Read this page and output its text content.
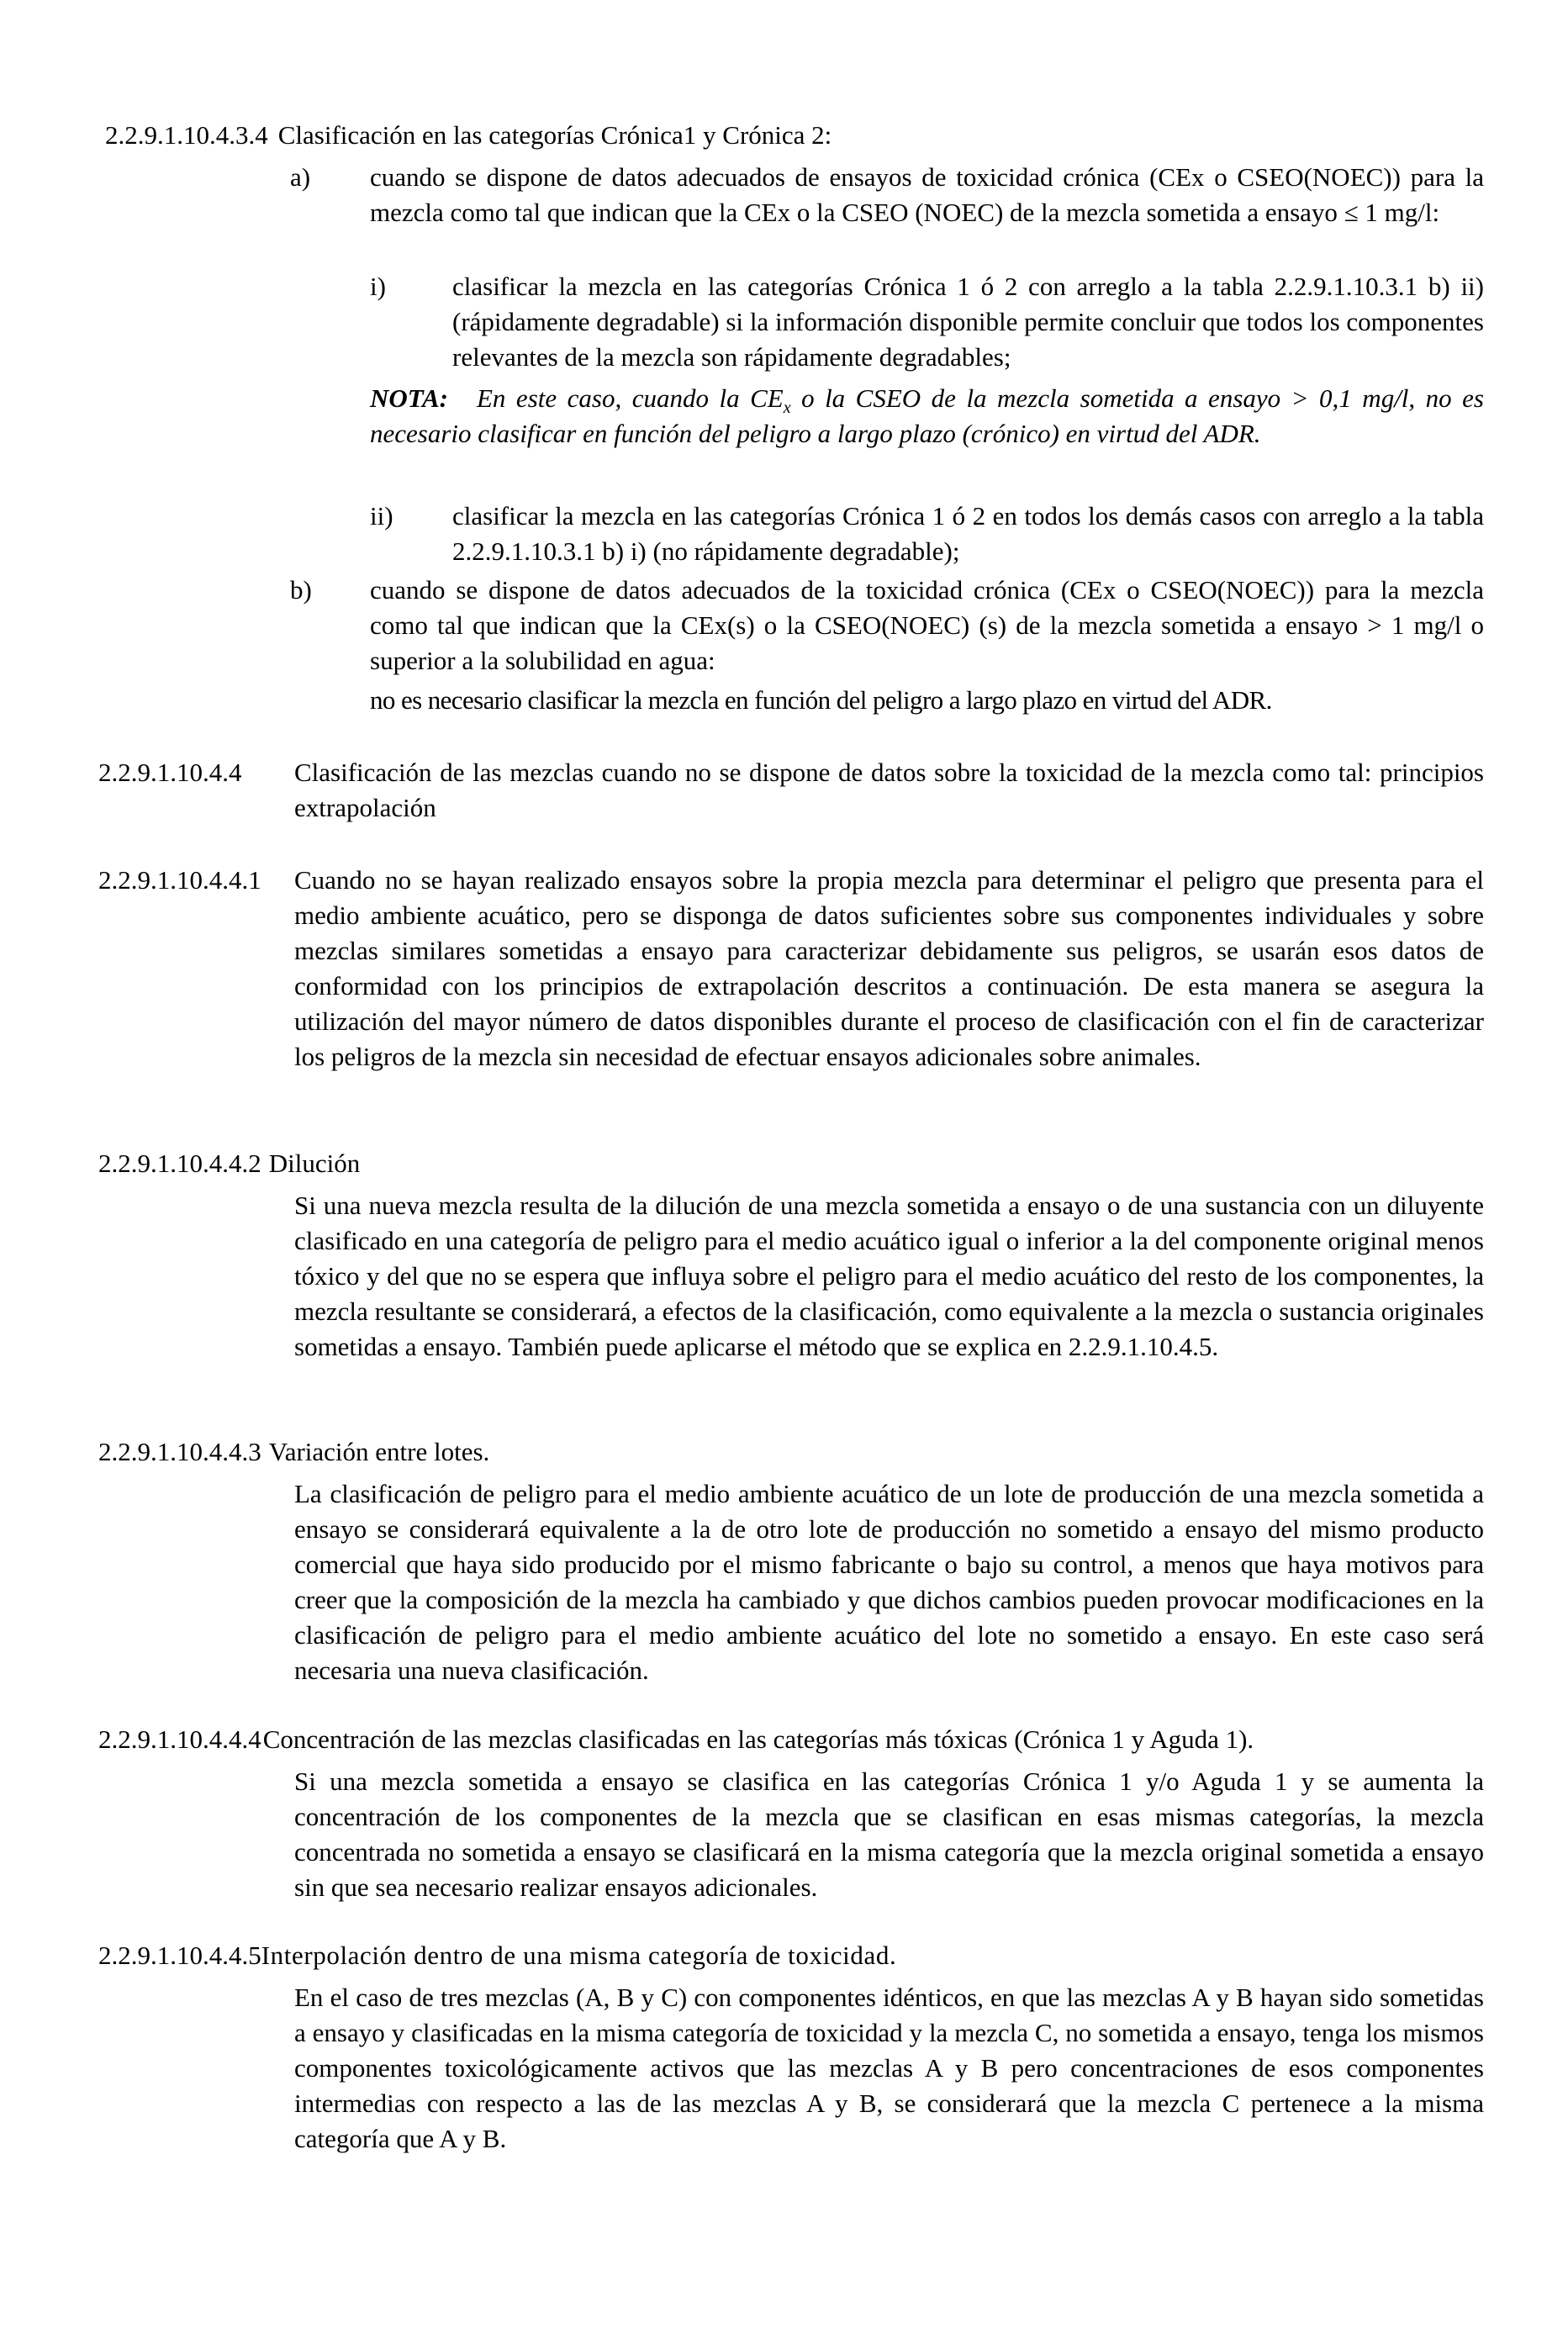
2.2.9.1.10.4.3.4 Clasificación en las categorías Crónica1 y Crónica 2:
a) cuando se dispone de datos adecuados de ensayos de toxicidad crónica (CEx o CSEO(NOEC)) para la mezcla como tal que indican que la CEx o la CSEO (NOEC) de la mezcla sometida a ensayo ≤ 1 mg/l:
i)	clasificar la mezcla en las categorías Crónica 1 ó 2 con arreglo a la tabla 2.2.9.1.10.3.1 b) ii) (rápidamente degradable) si la información disponible permite concluir que todos los componentes relevantes de la mezcla son rápidamente degradables;
NOTA: En este caso, cuando la $CE_x$ o la CSEO de la mezcla sometida a ensayo > 0,1 mg/l, no es necesario clasificar en función del peligro a largo plazo (crónico) en virtud del ADR.
ii) clasificar la mezcla en las categorías Crónica 1 ó 2 en todos los demás casos con arreglo a la tabla 2.2.9.1.10.3.1 b) i) (no rápidamente degradable);
b) cuando se dispone de datos adecuados de la toxicidad crónica (CEx o CSEO(NOEC)) para la mezcla como tal que indican que la CEx(s) o la CSEO(NOEC) (s) de la mezcla sometida a ensayo > 1 mg/l o superior a la solubilidad en agua:
no es necesario clasificar la mezcla en función del peligro a largo plazo en virtud del ADR.
2.2.9.1.10.4.4 Clasificación de las mezclas cuando no se dispone de datos sobre la toxicidad de la mezcla como tal: principios extrapolación
2.2.9.1.10.4.4.1 Cuando no se hayan realizado ensayos sobre la propia mezcla para determinar el peligro que presenta para el medio ambiente acuático, pero se disponga de datos suficientes sobre sus componentes individuales y sobre mezclas similares sometidas a ensayo para caracterizar debidamente sus peligros, se usarán esos datos de conformidad con los principios de extrapolación descritos a continuación. De esta manera se asegura la utilización del mayor número de datos disponibles durante el proceso de clasificación con el fin de caracterizar los peligros de la mezcla sin necesidad de efectuar ensayos adicionales sobre animales.
2.2.9.1.10.4.4.2 Dilución
Si una nueva mezcla resulta de la dilución de una mezcla sometida a ensayo o de una sustancia con un diluyente clasificado en una categoría de peligro para el medio acuático igual o inferior a la del componente original menos tóxico y del que no se espera que influya sobre el peligro para el medio acuático del resto de los componentes, la mezcla resultante se considerará, a efectos de la clasificación, como equivalente a la mezcla o sustancia originales sometidas a ensayo. También puede aplicarse el método que se explica en 2.2.9.1.10.4.5.
2.2.9.1.10.4.4.3 Variación entre lotes.
La clasificación de peligro para el medio ambiente acuático de un lote de producción de una mezcla sometida a ensayo se considerará equivalente a la de otro lote de producción no sometido a ensayo del mismo producto comercial que haya sido producido por el mismo fabricante o bajo su control, a menos que haya motivos para creer que la composición de la mezcla ha cambiado y que dichos cambios pueden provocar modificaciones en la clasificación de peligro para el medio ambiente acuático del lote no sometido a ensayo. En este caso será necesaria una nueva clasificación.
2.2.9.1.10.4.4.4Concentración de las mezclas clasificadas en las categorías más tóxicas (Crónica 1 y Aguda 1).
Si una mezcla sometida a ensayo se clasifica en las categorías Crónica 1 y/o Aguda 1 y se aumenta la concentración de los componentes de la mezcla que se clasifican en esas mismas categorías, la mezcla concentrada no sometida a ensayo se clasificará en la misma categoría que la mezcla original sometida a ensayo sin que sea necesario realizar ensayos adicionales.
2.2.9.1.10.4.4.5Interpolación dentro de una misma categoría de toxicidad.
En el caso de tres mezclas (A, B y C) con componentes idénticos, en que las mezclas A y B hayan sido sometidas a ensayo y clasificadas en la misma categoría de toxicidad y la mezcla C, no sometida a ensayo, tenga los mismos componentes toxicológicamente activos que las mezclas A y B pero concentraciones de esos componentes intermedias con respecto a las de las mezclas A y B, se considerará que la mezcla C pertenece a la misma categoría que A y B.
